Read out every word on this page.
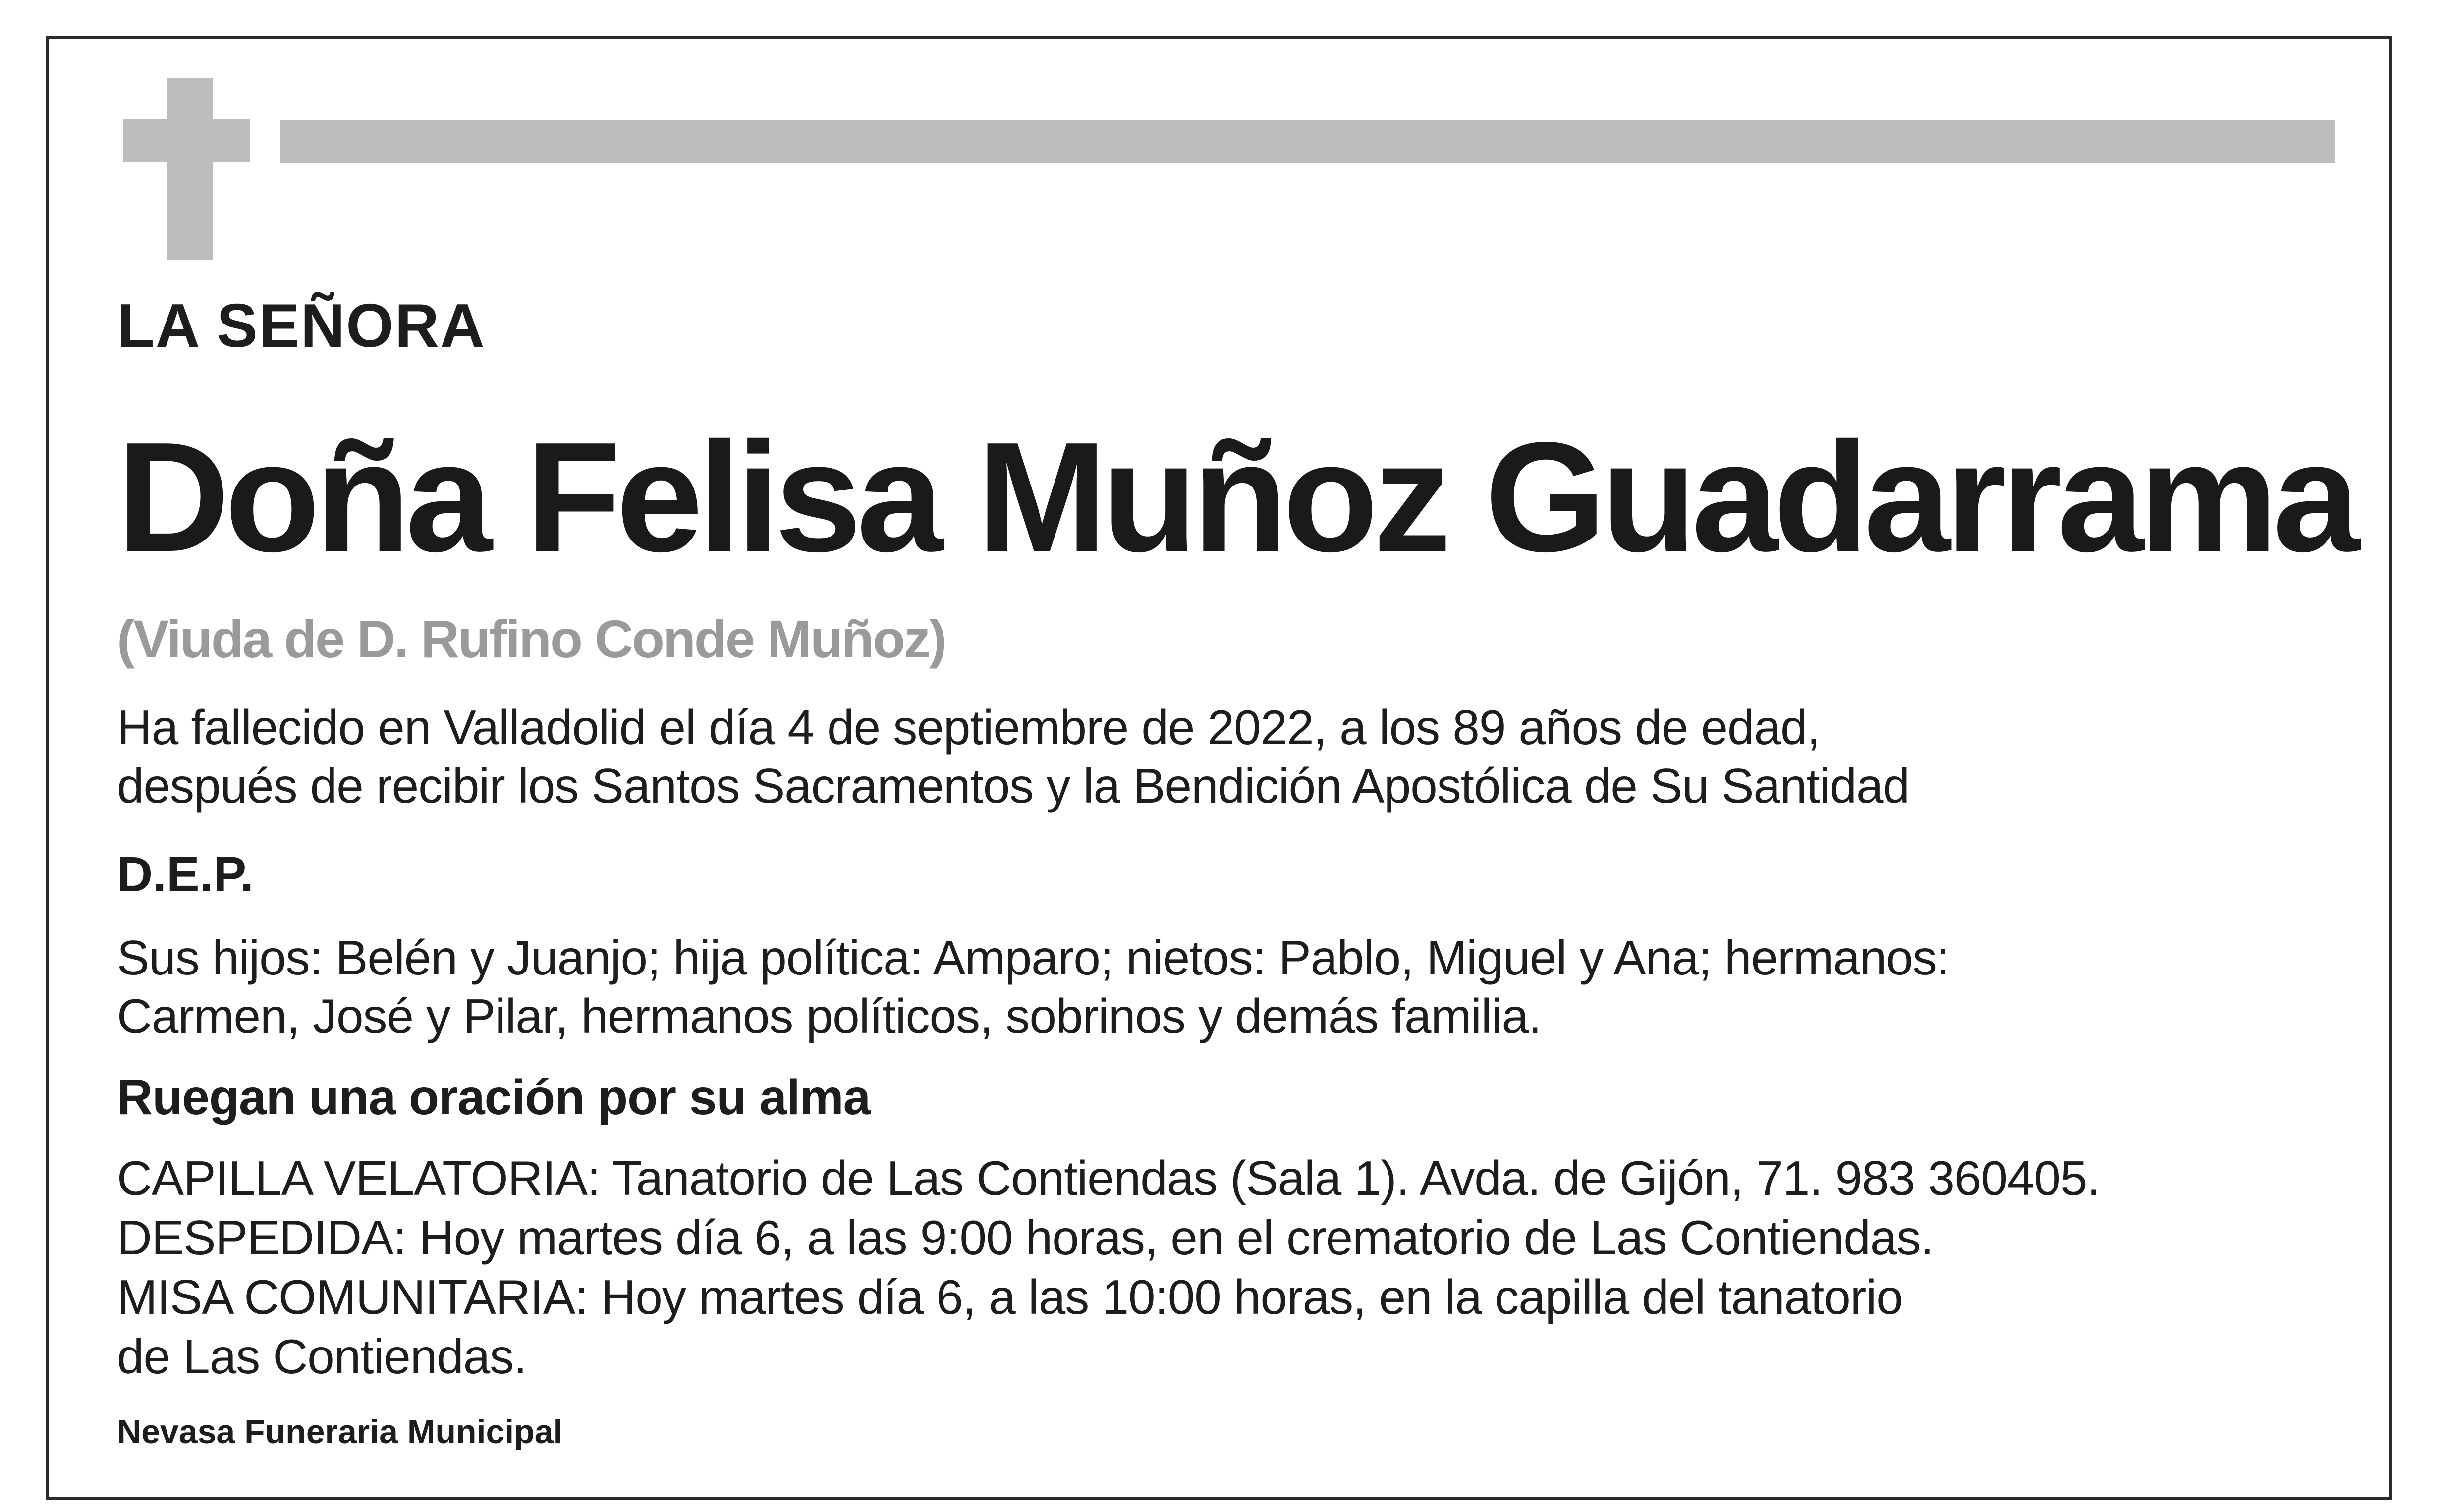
LA SEÑORA
Doña Felisa Muñoz Guadarrama
(Viuda de D. Rufino Conde Muñoz)
Ha fallecido en Valladolid el día 4 de septiembre de 2022, a los 89 años de edad,
después de recibir los Santos Sacramentos y la Bendición Apostólica de Su Santidad
D.E.P.
Sus hijos: Belén y Juanjo; hija política: Amparo; nietos: Pablo, Miguel y Ana; hermanos:
Carmen, José y Pilar, hermanos políticos, sobrinos y demás familia.
Ruegan una oración por su alma
CAPILLA VELATORIA: Tanatorio de Las Contiendas (Sala 1). Avda. de Gijón, 71. 983 360405.
DESPEDIDA: Hoy martes día 6, a las 9:00 horas, en el crematorio de Las Contiendas.
MISA COMUNITARIA: Hoy martes día 6, a las 10:00 horas, en la capilla del tanatorio
de Las Contiendas.
Nevasa Funeraria Municipal
